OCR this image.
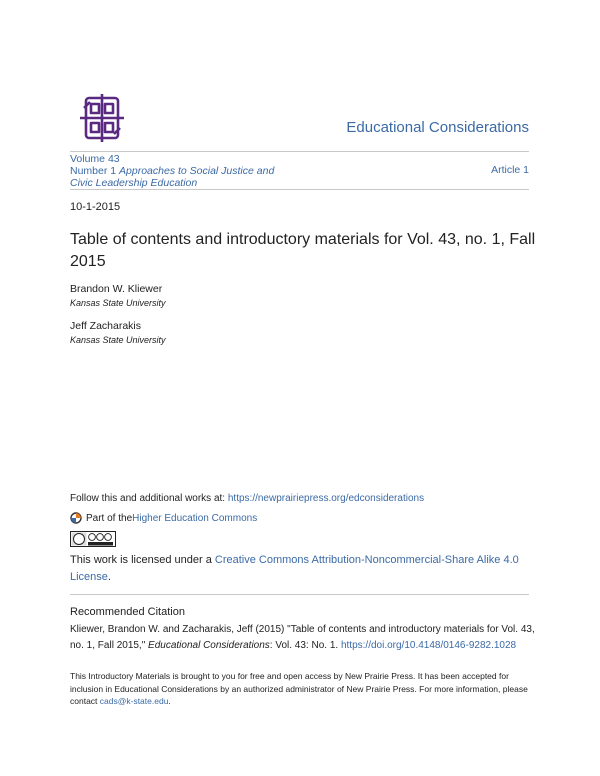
Educational Considerations
Volume 43
Number 1 Approaches to Social Justice and
Civic Leadership Education
Article 1
10-1-2015
Table of contents and introductory materials for Vol. 43, no. 1, Fall 2015
Brandon W. Kliewer
Kansas State University
Jeff Zacharakis
Kansas State University
Follow this and additional works at: https://newprairiepress.org/edconsiderations
Part of the Higher Education Commons
This work is licensed under a Creative Commons Attribution-Noncommercial-Share Alike 4.0 License.
Recommended Citation
Kliewer, Brandon W. and Zacharakis, Jeff (2015) "Table of contents and introductory materials for Vol. 43, no. 1, Fall 2015," Educational Considerations: Vol. 43: No. 1. https://doi.org/10.4148/0146-9282.1028
This Introductory Materials is brought to you for free and open access by New Prairie Press. It has been accepted for inclusion in Educational Considerations by an authorized administrator of New Prairie Press. For more information, please contact cads@k-state.edu.
